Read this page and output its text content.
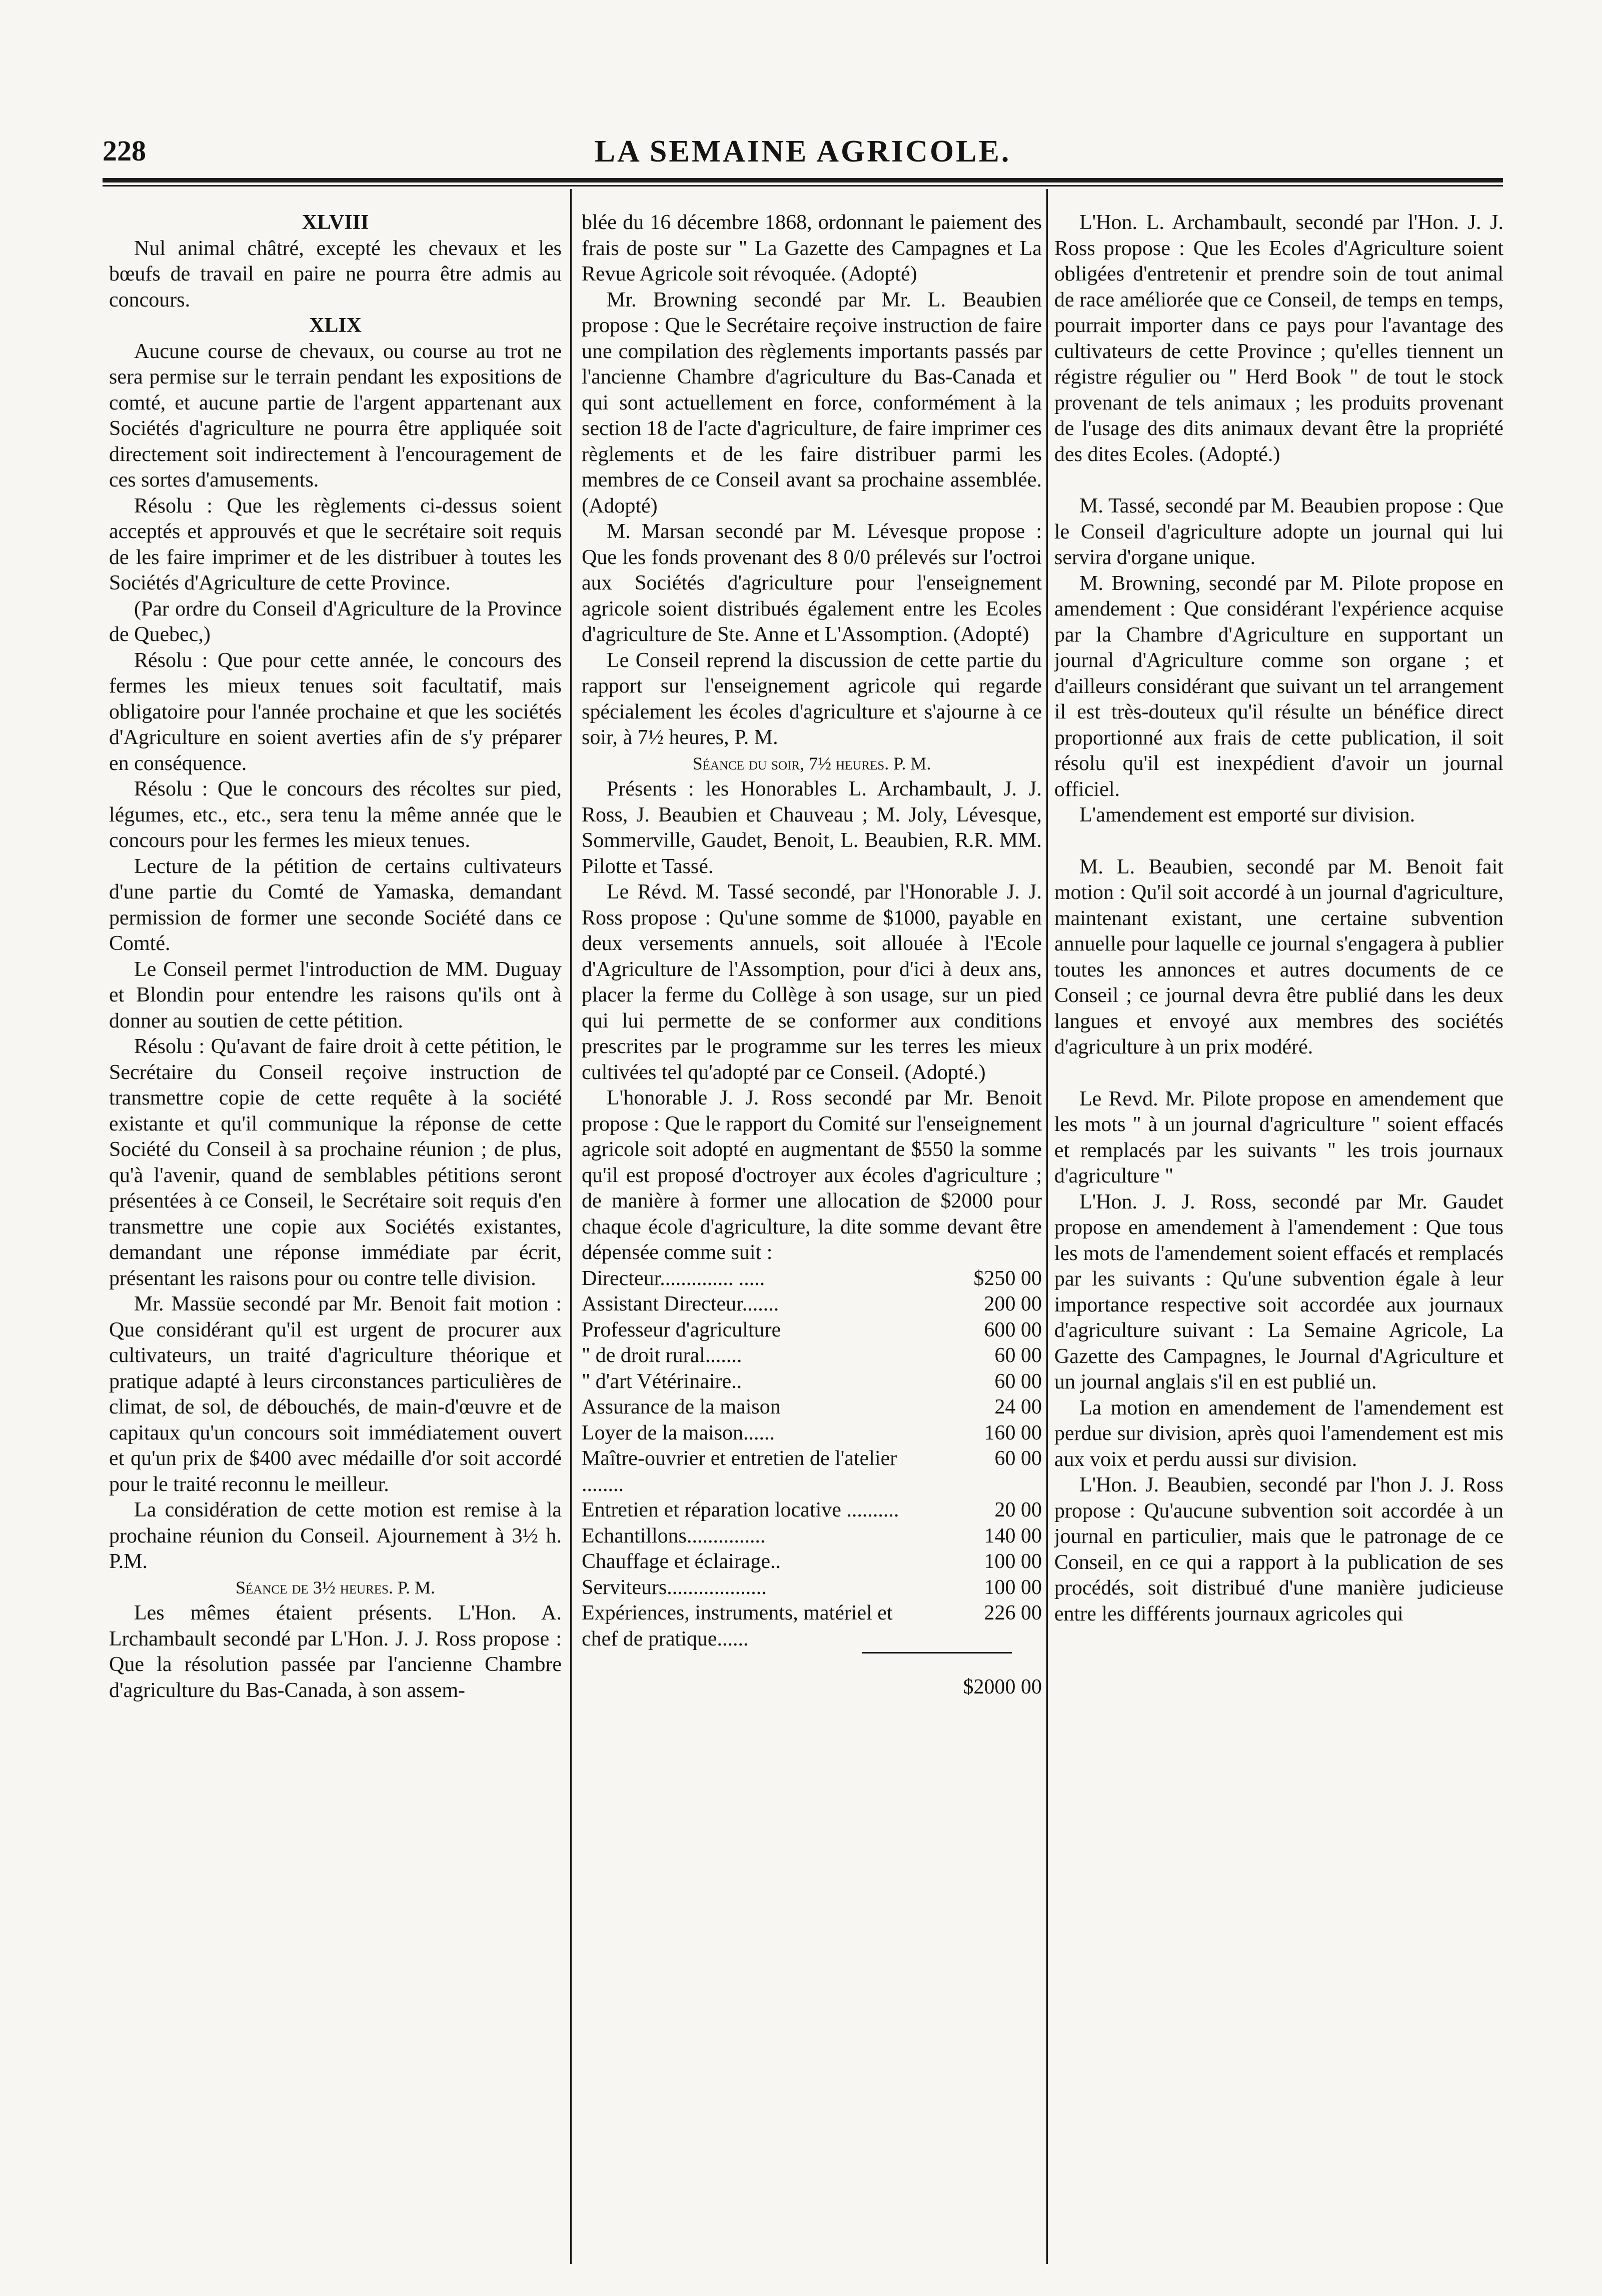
228	LA SEMAINE AGRICOLE.

XLVIII

Nul animal châtré, excepté les chevaux et les bœufs de travail en paire ne pourra être admis au concours.

XLIX

Aucune course de chevaux, ou course au trot ne sera permise sur le terrain pendant les expositions de comté, et aucune partie de l'argent appartenant aux Sociétés d'agriculture ne pourra être appliquée soit directement soit indirectement à l'encouragement de ces sortes d'amusements.

Résolu : Que les règlements ci-dessus soient acceptés et approuvés et que le secrétaire soit requis de les faire imprimer et de les distribuer à toutes les Sociétés d'Agriculture de cette Province.

(Par ordre du Conseil d'Agriculture de la Province de Quebec,)

Résolu : Que pour cette année, le concours des fermes les mieux tenues soit facultatif, mais obligatoire pour l'année prochaine et que les sociétés d'Agriculture en soient averties afin de s'y préparer en conséquence.

Résolu : Que le concours des récoltes sur pied, légumes, etc., etc., sera tenu la même année que le concours pour les fermes les mieux tenues.

Lecture de la pétition de certains cultivateurs d'une partie du Comté de Yamaska, demandant permission de former une seconde Société dans ce Comté.

Le Conseil permet l'introduction de MM. Duguay et Blondin pour entendre les raisons qu'ils ont à donner au soutien de cette pétition.

Résolu : Qu'avant de faire droit à cette pétition, le Secrétaire du Conseil reçoive instruction de transmettre copie de cette requête à la société existante et qu'il communique la réponse de cette Société du Conseil à sa prochaine réunion ; de plus, qu'à l'avenir, quand de semblables pétitions seront présentées à ce Conseil, le Secrétaire soit requis d'en transmettre une copie aux Sociétés existantes, demandant une réponse immédiate par écrit, présentant les raisons pour ou contre telle division.

Mr. Massüe secondé par Mr. Benoit fait motion : Que considérant qu'il est urgent de procurer aux cultivateurs, un traité d'agriculture théorique et pratique adapté à leurs circonstances particulières de climat, de sol, de débouchés, de main-d'œuvre et de capitaux qu'un concours soit immédiatement ouvert et qu'un prix de $400 avec médaille d'or soit accordé pour le traité reconnu le meilleur.

La considération de cette motion est remise à la prochaine réunion du Conseil. Ajournement à 3½ h. P.M.

Séance de 3½ heures. P. M.

Les mêmes étaient présents. L'Hon. A. Lrchambault secondé par L'Hon. J. J. Ross propose : Que la résolution passée par l'ancienne Chambre d'agriculture du Bas-Canada, à son assem-

blée du 16 décembre 1868, ordonnant le paiement des frais de poste sur " La Gazette des Campagnes et La Revue Agricole soit révoquée. (Adopté)

Mr. Browning secondé par Mr. L. Beaubien propose : Que le Secrétaire reçoive instruction de faire une compilation des règlements importants passés par l'ancienne Chambre d'agriculture du Bas-Canada et qui sont actuellement en force, conformément à la section 18 de l'acte d'agriculture, de faire imprimer ces règlements et de les faire distribuer parmi les membres de ce Conseil avant sa prochaine assemblée. (Adopté)

M. Marsan secondé par M. Lévesque propose : Que les fonds provenant des 8 0/0 prélevés sur l'octroi aux Sociétés d'agriculture pour l'enseignement agricole soient distribués également entre les Ecoles d'agriculture de Ste. Anne et L'Assomption. (Adopté)

Le Conseil reprend la discussion de cette partie du rapport sur l'enseignement agricole qui regarde spécialement les écoles d'agriculture et s'ajourne à ce soir, à 7½ heures, P. M.

Séance du soir, 7½ heures. P. M.

Présents : les Honorables L. Archambault, J. J. Ross, J. Beaubien et Chauveau ; M. Joly, Lévesque, Sommerville, Gaudet, Benoit, L. Beaubien, R.R. MM. Pilotte et Tassé.

Le Révd. M. Tassé secondé, par l'Honorable J. J. Ross propose : Qu'une somme de $1000, payable en deux versements annuels, soit allouée à l'Ecole d'Agriculture de l'Assomption, pour d'ici à deux ans, placer la ferme du Collège à son usage, sur un pied qui lui permette de se conformer aux conditions prescrites par le programme sur les terres les mieux cultivées tel qu'adopté par ce Conseil. (Adopté.)

L'honorable J. J. Ross secondé par Mr. Benoit propose : Que le rapport du Comité sur l'enseignement agricole soit adopté en augmentant de $550 la somme qu'il est proposé d'octroyer aux écoles d'agriculture ; de manière à former une allocation de $2000 pour chaque école d'agriculture, la dite somme devant être dépensée comme suit :

Directeur.............. .....	$250 00
Assistant Directeur.......	200 00
Professeur d'agriculture	600 00
" de droit rural.......	60 00
" d'art Vétérinaire..	60 00
Assurance de la maison	24 00
Loyer de la maison......	160 00
Maître-ouvrier et entretien de l'atelier ........	60 00
Entretien et réparation locative ..........	20 00
Echantillons...............	140 00
Chauffage et éclairage..	100 00
Serviteurs...................	100 00
Expériences, instruments, matériel et chef de pratique......	226 00

$2000 00

L'Hon. L. Archambault, secondé par l'Hon. J. J. Ross propose : Que les Ecoles d'Agriculture soient obligées d'entretenir et prendre soin de tout animal de race améliorée que ce Conseil, de temps en temps, pourrait importer dans ce pays pour l'avantage des cultivateurs de cette Province ; qu'elles tiennent un régistre régulier ou " Herd Book " de tout le stock provenant de tels animaux ; les produits provenant de l'usage des dits animaux devant être la propriété des dites Ecoles. (Adopté.)

M. Tassé, secondé par M. Beaubien propose : Que le Conseil d'agriculture adopte un journal qui lui servira d'organe unique.

M. Browning, secondé par M. Pilote propose en amendement : Que considérant l'expérience acquise par la Chambre d'Agriculture en supportant un journal d'Agriculture comme son organe ; et d'ailleurs considérant que suivant un tel arrangement il est très-douteux qu'il résulte un bénéfice direct proportionné aux frais de cette publication, il soit résolu qu'il est inexpédient d'avoir un journal officiel.

L'amendement est emporté sur division.

M. L. Beaubien, secondé par M. Benoit fait motion : Qu'il soit accordé à un journal d'agriculture, maintenant existant, une certaine subvention annuelle pour laquelle ce journal s'engagera à publier toutes les annonces et autres documents de ce Conseil ; ce journal devra être publié dans les deux langues et envoyé aux membres des sociétés d'agriculture à un prix modéré.

Le Revd. Mr. Pilote propose en amendement que les mots " à un journal d'agriculture " soient effacés et remplacés par les suivants " les trois journaux d'agriculture "

L'Hon. J. J. Ross, secondé par Mr. Gaudet propose en amendement à l'amendement : Que tous les mots de l'amendement soient effacés et remplacés par les suivants : Qu'une subvention égale à leur importance respective soit accordée aux journaux d'agriculture suivant : La Semaine Agricole, La Gazette des Campagnes, le Journal d'Agriculture et un journal anglais s'il en est publié un.

La motion en amendement de l'amendement est perdue sur division, après quoi l'amendement est mis aux voix et perdu aussi sur division.

L'Hon. J. Beaubien, secondé par l'hon J. J. Ross propose : Qu'aucune subvention soit accordée à un journal en particulier, mais que le patronage de ce Conseil, en ce qui a rapport à la publication de ses procédés, soit distribué d'une manière judicieuse entre les différents journaux agricoles qui
